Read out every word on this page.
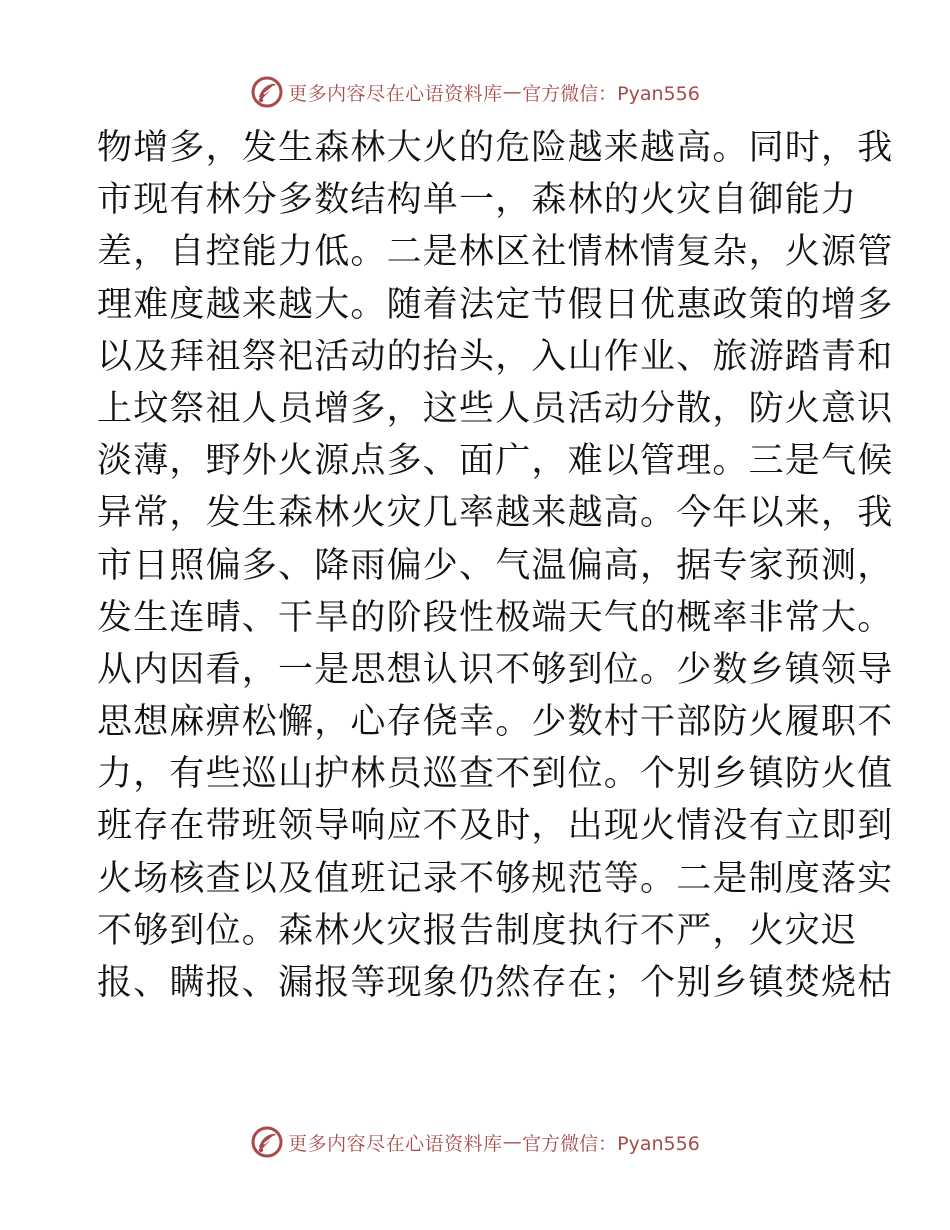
更多内容尽在心语资料库 — 官方微信：Pyan556
物增多，发生森林大火的危险越来越高。同时，我
市现有林分多数结构单一，森林的火灾自御能力
差，自控能力低。二是林区社情林情复杂，火源管
理难度越来越大。随着法定节假日优惠政策的增多
以及拜祖祭祀活动的抬头，入山作业、旅游踏青和
上坟祭祖人员增多，这些人员活动分散，防火意识
淡薄，野外火源点多、面广，难以管理。三是气候
异常，发生森林火灾几率越来越高。今年以来，我
市日照偏多、降雨偏少、气温偏高，据专家预测，
发生连晴、干旱的阶段性极端天气的概率非常大。
从内因看，一是思想认识不够到位。少数乡镇领导
思想麻痹松懈，心存侥幸。少数村干部防火履职不
力，有些巡山护林员巡查不到位。个别乡镇防火值
班存在带班领导响应不及时，出现火情没有立即到
火场核查以及值班记录不够规范等。二是制度落实
不够到位。森林火灾报告制度执行不严，火灾迟
报、瞒报、漏报等现象仍然存在；个别乡镇焚烧枯
更多内容尽在心语资料库 — 官方微信：Pyan556
